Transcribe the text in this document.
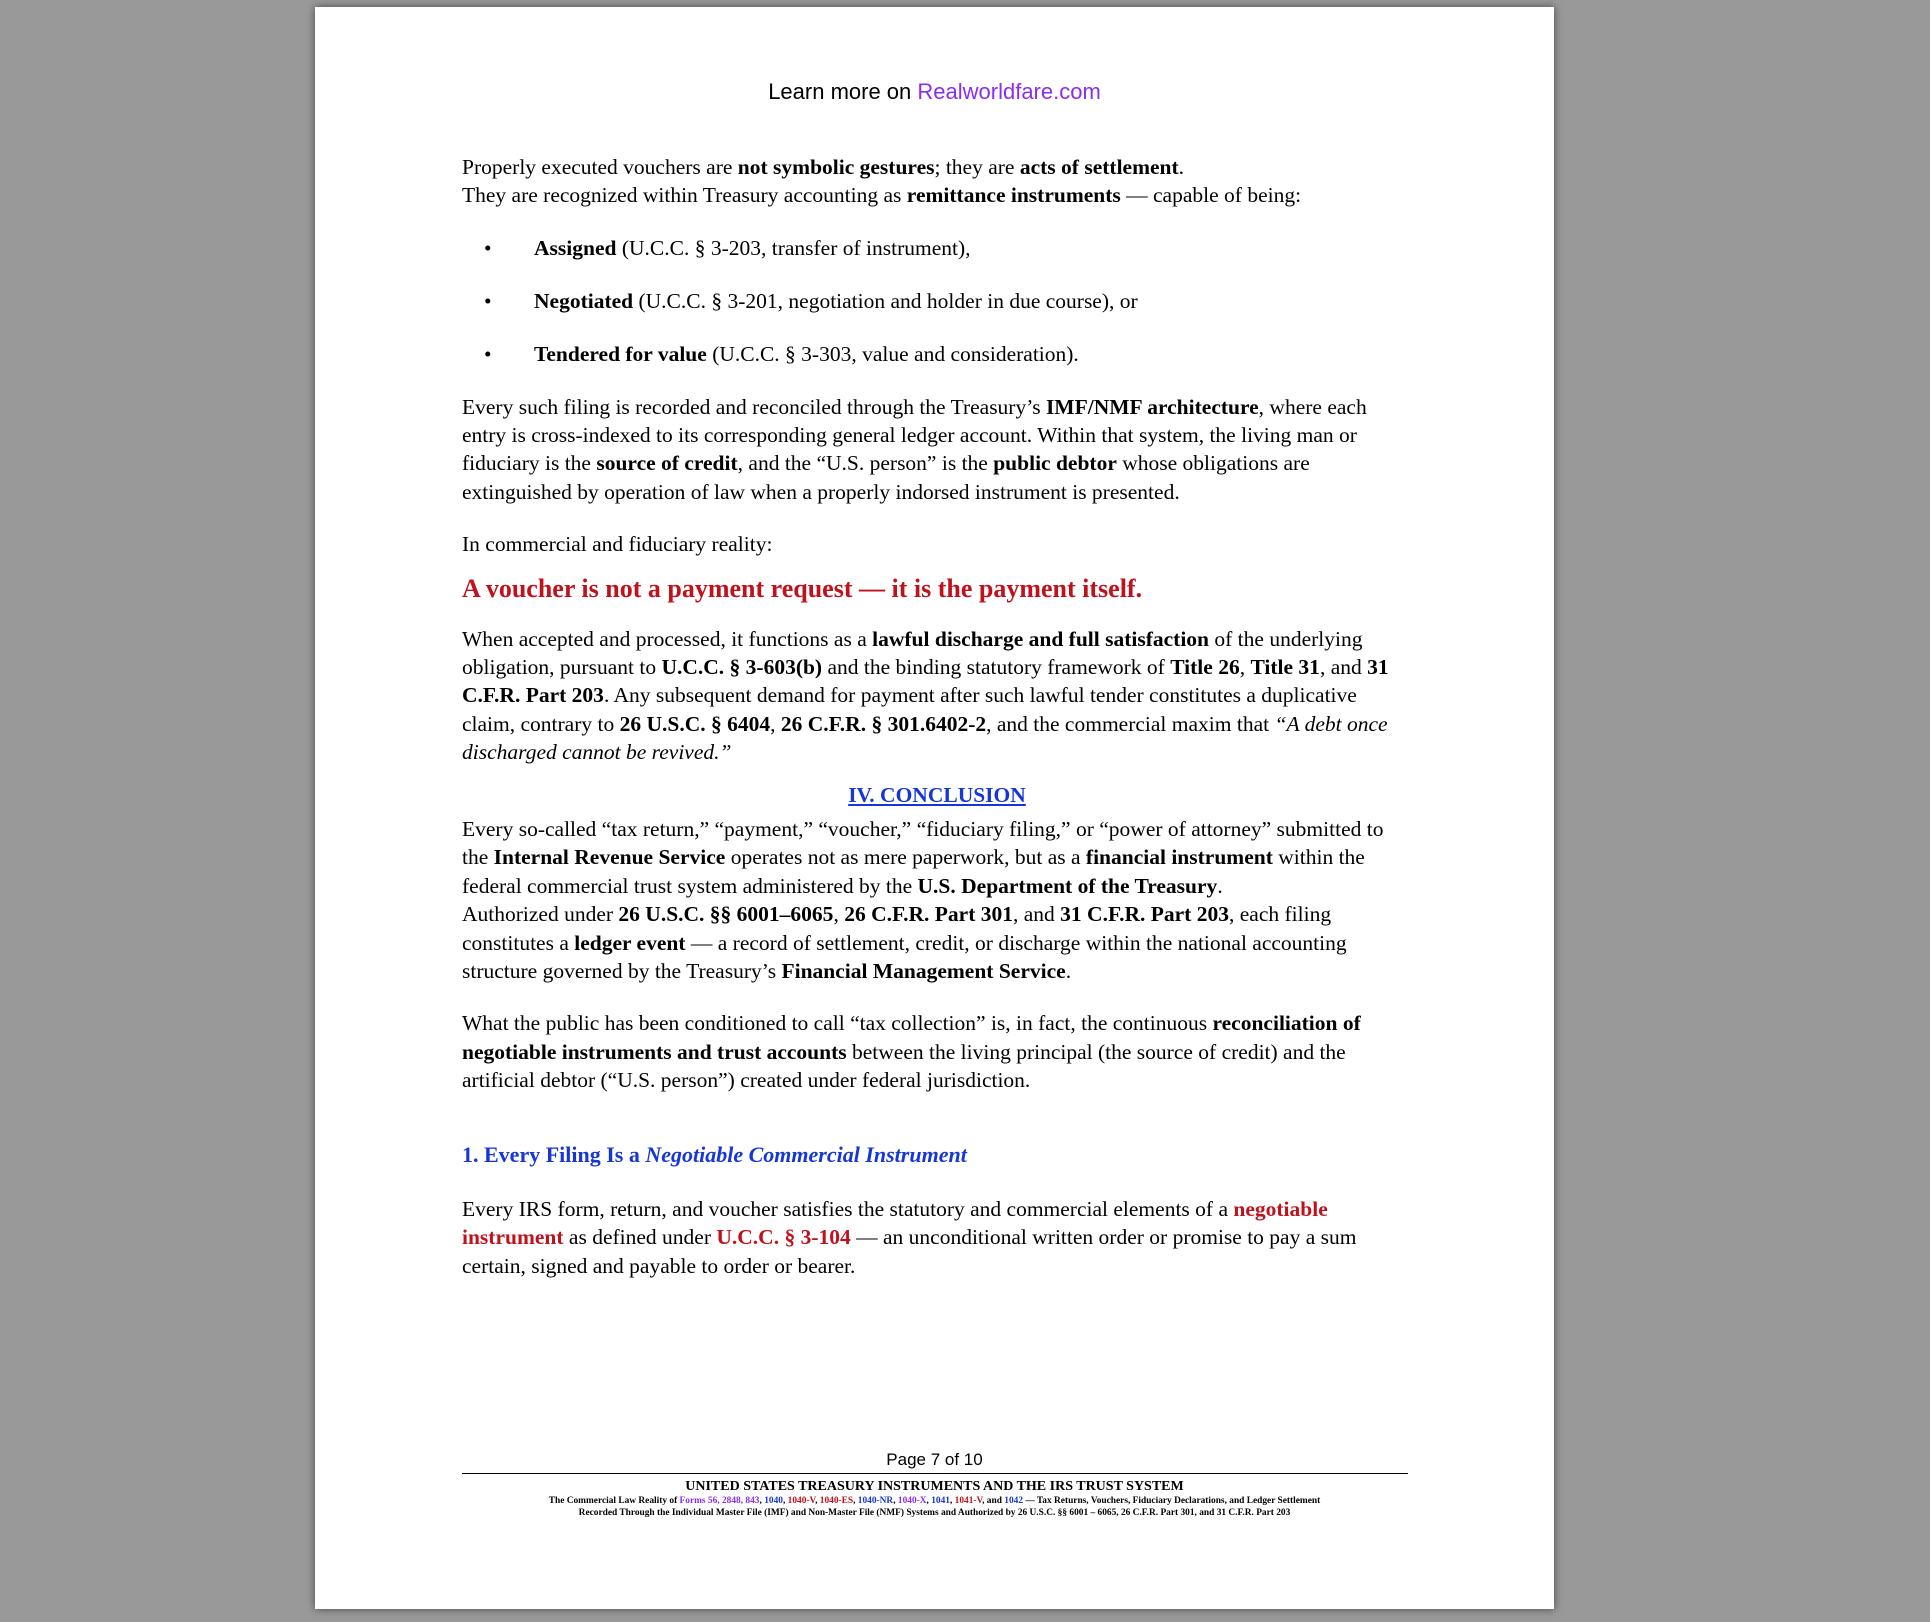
Learn more on Realworldfare.com

Properly executed vouchers are not symbolic gestures; they are acts of settlement.
They are recognized within Treasury accounting as remittance instruments — capable of being:

• Assigned (U.C.C. § 3-203, transfer of instrument),
• Negotiated (U.C.C. § 3-201, negotiation and holder in due course), or
• Tendered for value (U.C.C. § 3-303, value and consideration).

Every such filing is recorded and reconciled through the Treasury’s IMF/NMF architecture, where each entry is cross-indexed to its corresponding general ledger account. Within that system, the living man or fiduciary is the source of credit, and the “U.S. person” is the public debtor whose obligations are extinguished by operation of law when a properly indorsed instrument is presented.

In commercial and fiduciary reality:

A voucher is not a payment request — it is the payment itself.

When accepted and processed, it functions as a lawful discharge and full satisfaction of the underlying obligation, pursuant to U.C.C. § 3-603(b) and the binding statutory framework of Title 26, Title 31, and 31 C.F.R. Part 203. Any subsequent demand for payment after such lawful tender constitutes a duplicative claim, contrary to 26 U.S.C. § 6404, 26 C.F.R. § 301.6402-2, and the commercial maxim that “A debt once discharged cannot be revived.”

IV. CONCLUSION

Every so-called “tax return,” “payment,” “voucher,” “fiduciary filing,” or “power of attorney” submitted to the Internal Revenue Service operates not as mere paperwork, but as a financial instrument within the federal commercial trust system administered by the U.S. Department of the Treasury.
Authorized under 26 U.S.C. §§ 6001–6065, 26 C.F.R. Part 301, and 31 C.F.R. Part 203, each filing constitutes a ledger event — a record of settlement, credit, or discharge within the national accounting structure governed by the Treasury’s Financial Management Service.

What the public has been conditioned to call “tax collection” is, in fact, the continuous reconciliation of negotiable instruments and trust accounts between the living principal (the source of credit) and the artificial debtor (“U.S. person”) created under federal jurisdiction.

1. Every Filing Is a Negotiable Commercial Instrument

Every IRS form, return, and voucher satisfies the statutory and commercial elements of a negotiable instrument as defined under U.C.C. § 3-104 — an unconditional written order or promise to pay a sum certain, signed and payable to order or bearer.

Page 7 of 10
UNITED STATES TREASURY INSTRUMENTS AND THE IRS TRUST SYSTEM
The Commercial Law Reality of Forms 56, 2848, 843, 1040, 1040-V, 1040-ES, 1040-NR, 1040-X, 1041, 1041-V, and 1042 — Tax Returns, Vouchers, Fiduciary Declarations, and Ledger Settlement
Recorded Through the Individual Master File (IMF) and Non-Master File (NMF) Systems and Authorized by 26 U.S.C. §§ 6001 – 6065, 26 C.F.R. Part 301, and 31 C.F.R. Part 203
